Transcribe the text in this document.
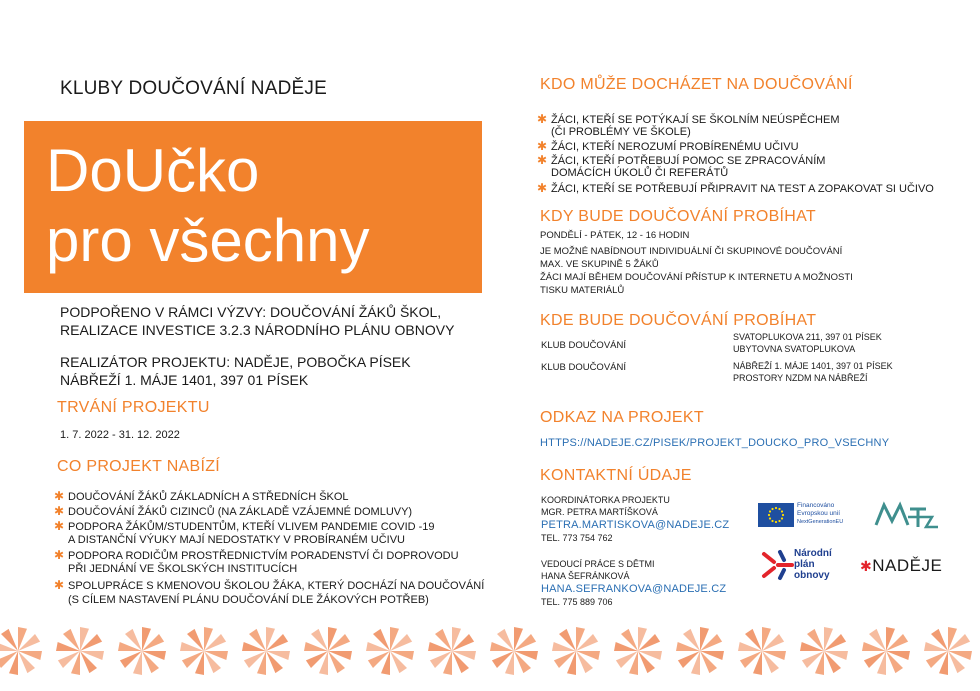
KLUBY DOUČOVÁNÍ NADĚJE
DoUčko
pro všechny
PODPOŘENO V RÁMCI VÝZVY: DOUČOVÁNÍ ŽÁKŮ ŠKOL,
REALIZACE INVESTICE 3.2.3 NÁRODNÍHO PLÁNU OBNOVY
REALIZÁTOR PROJEKTU: NADĚJE, POBOČKA PÍSEK
NÁBŘEŽÍ 1. MÁJE 1401, 397 01 PÍSEK
TRVÁNÍ PROJEKTU
1. 7. 2022 - 31. 12. 2022
CO PROJEKT NABÍZÍ
✱ DOUČOVÁNÍ ŽÁKŮ ZÁKLADNÍCH A STŘEDNÍCH ŠKOL
✱ DOUČOVÁNÍ ŽÁKŮ CIZINCŮ (NA ZÁKLADĚ VZÁJEMNÉ DOMLUVY)
✱ PODPORA ŽÁKŮM/STUDENTŮM, KTEŘÍ VLIVEM PANDEMIE COVID -19
A DISTANČNÍ VÝUKY MAJÍ NEDOSTATKY V PROBÍRANÉM UČIVU
✱ PODPORA RODIČŮM PROSTŘEDNICTVÍM PORADENSTVÍ ČI DOPROVODU
PŘI JEDNÁNÍ VE ŠKOLSKÝCH INSTITUCÍCH
✱ SPOLUPRÁCE S KMENOVOU ŠKOLOU ŽÁKA, KTERÝ DOCHÁZÍ NA DOUČOVÁNÍ
(S CÍLEM NASTAVENÍ PLÁNU DOUČOVÁNÍ DLE ŽÁKOVÝCH POTŘEB)
KDO MŮŽE DOCHÁZET NA DOUČOVÁNÍ
✱ ŽÁCI, KTEŘÍ SE POTÝKAJÍ SE ŠKOLNÍM NEÚSPĚCHEM
(ČI PROBLÉMY VE ŠKOLE)
✱ ŽÁCI, KTEŘÍ NEROZUMÍ PROBÍRENÉMU UČIVU
✱ ŽÁCI, KTEŘÍ POTŘEBUJÍ POMOC SE ZPRACOVÁNÍM
DOMÁCÍCH ÚKOLŮ ČI REFERÁTŮ
✱ ŽÁCI, KTEŘÍ SE POTŘEBUJÍ PŘIPRAVIT NA TEST A ZOPAKOVAT SI UČIVO
KDY BUDE DOUČOVÁNÍ PROBÍHAT
PONDĚLÍ - PÁTEK, 12 - 16 HODIN
JE MOŽNÉ NABÍDNOUT INDIVIDUÁLNÍ ČI SKUPINOVÉ DOUČOVÁNÍ
MAX. VE SKUPINĚ 5 ŽÁKŮ
ŽÁCI MAJÍ BĚHEM DOUČOVÁNÍ PŘÍSTUP K INTERNETU A MOŽNOSTI
TISKU MATERIÁLŮ
KDE BUDE DOUČOVÁNÍ PROBÍHAT
KLUB DOUČOVÁNÍ
SVATOPLUKOVA 211, 397 01 PÍSEK
UBYTOVNA SVATOPLUKOVA
KLUB DOUČOVÁNÍ	NÁBŘEŽÍ 1. MÁJE 1401, 397 01 PÍSEK
PROSTORY NZDM NA NÁBŘEŽÍ
ODKAZ NA PROJEKT
HTTPS://NADEJE.CZ/PISEK/PROJEKT_DOUCKO_PRO_VSECHNY
KONTAKTNÍ ÚDAJE
KOORDINÁTORKA PROJEKTU
MGR. PETRA MARTÍŠKOVÁ
PETRA.MARTISKOVA@NADEJE.CZ
TEL. 773 754 762
VEDOUCÍ PRÁCE S DĚTMI
HANA ŠEFRÁNKOVÁ
HANA.SEFRANKOVA@NADEJE.CZ
TEL. 775 889 706
Financováno
Evropskou unií
NextGenerationEU
Národní
plán
obnovy
✱NADĚJE
